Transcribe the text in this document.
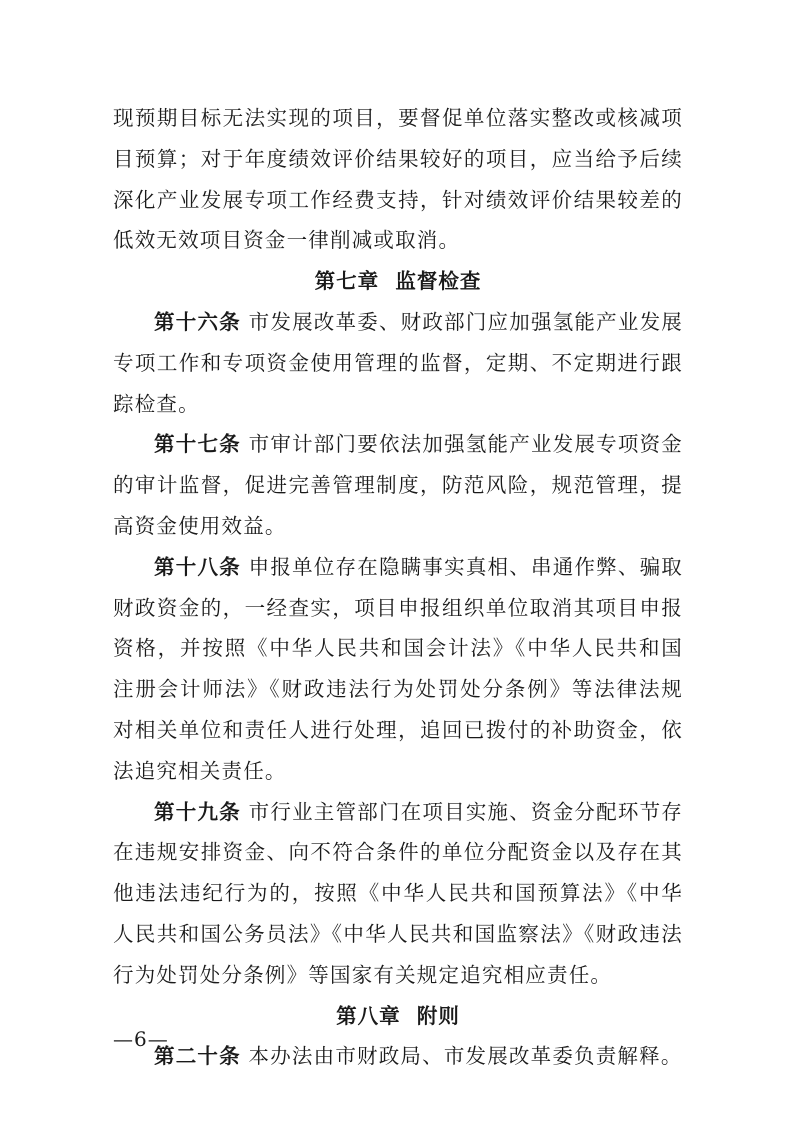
现预期目标无法实现的项目，要督促单位落实整改或核减项目预算；对于年度绩效评价结果较好的项目，应当给予后续深化产业发展专项工作经费支持，针对绩效评价结果较差的低效无效项目资金一律削减或取消。

第七章  监督检查

第十六条 市发展改革委、财政部门应加强氢能产业发展专项工作和专项资金使用管理的监督，定期、不定期进行跟踪检查。

第十七条 市审计部门要依法加强氢能产业发展专项资金的审计监督，促进完善管理制度，防范风险，规范管理，提高资金使用效益。

第十八条 申报单位存在隐瞒事实真相、串通作弊、骗取财政资金的，一经查实，项目申报组织单位取消其项目申报资格，并按照《中华人民共和国会计法》《中华人民共和国注册会计师法》《财政违法行为处罚处分条例》等法律法规对相关单位和责任人进行处理，追回已拨付的补助资金，依法追究相关责任。

第十九条 市行业主管部门在项目实施、资金分配环节存在违规安排资金、向不符合条件的单位分配资金以及存在其他违法违纪行为的，按照《中华人民共和国预算法》《中华人民共和国公务员法》《中华人民共和国监察法》《财政违法行为处罚处分条例》等国家有关规定追究相应责任。

第八章  附则

第二十条 本办法由市财政局、市发展改革委负责解释。

—6—
